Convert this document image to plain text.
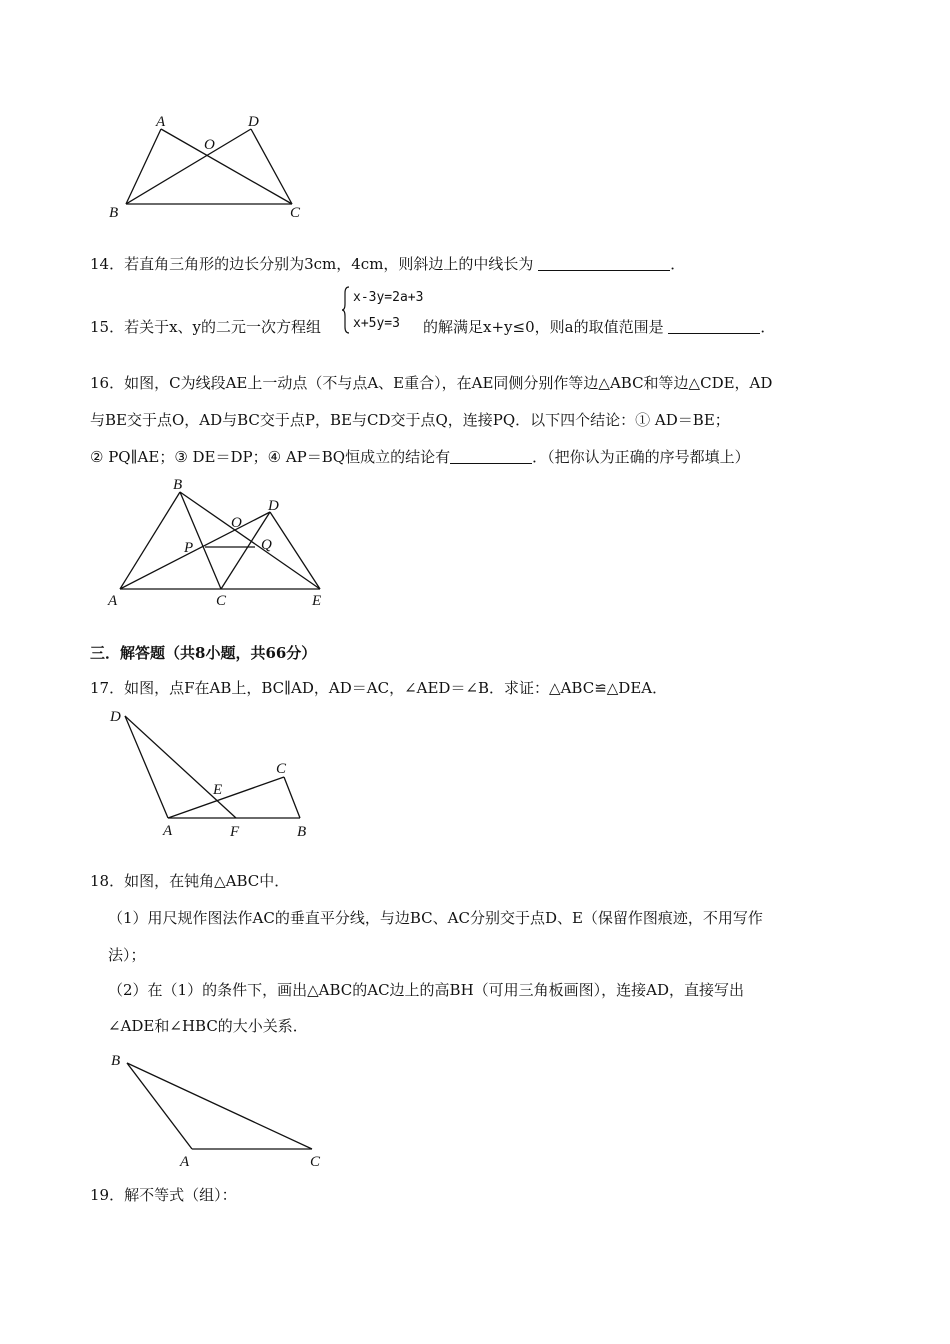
A	D
O
B	C
14．若直角三角形的边长分别为3cm，4cm，则斜边上的中线长为	．
x-3y=2a+3
x+5y=3
15．若关于x、y的二元一次方程组	的解满足x+y≤0，则a的取值范围是	．
16．如图，C为线段AE上一动点（不与点A、E重合），在AE同侧分别作等边△ABC和等边△CDE，AD
与BE交于点O，AD与BC交于点P，BE与CD交于点Q，连接PQ．以下四个结论：① AD＝BE；
② PQ∥AE；③ DE＝DP；④ AP＝BQ恒成立的结论有	．（把你认为正确的序号都填上）
B
D
O
P	Q
A	C	E
三．解答题（共8小题，共66分）
17．如图，点F在AB上，BC∥AD，AD＝AC，∠AED＝∠B．求证：△ABC≌△DEA．
D
C
E
A	F	B
18．如图，在钝角△ABC中．
（1）用尺规作图法作AC的垂直平分线，与边BC、AC分别交于点D、E（保留作图痕迹，不用写作
法）；
（2）在（1）的条件下，画出△ABC的AC边上的高BH（可用三角板画图），连接AD，直接写出
∠ADE和∠HBC的大小关系．
B
A	C
19．解不等式（组）：
